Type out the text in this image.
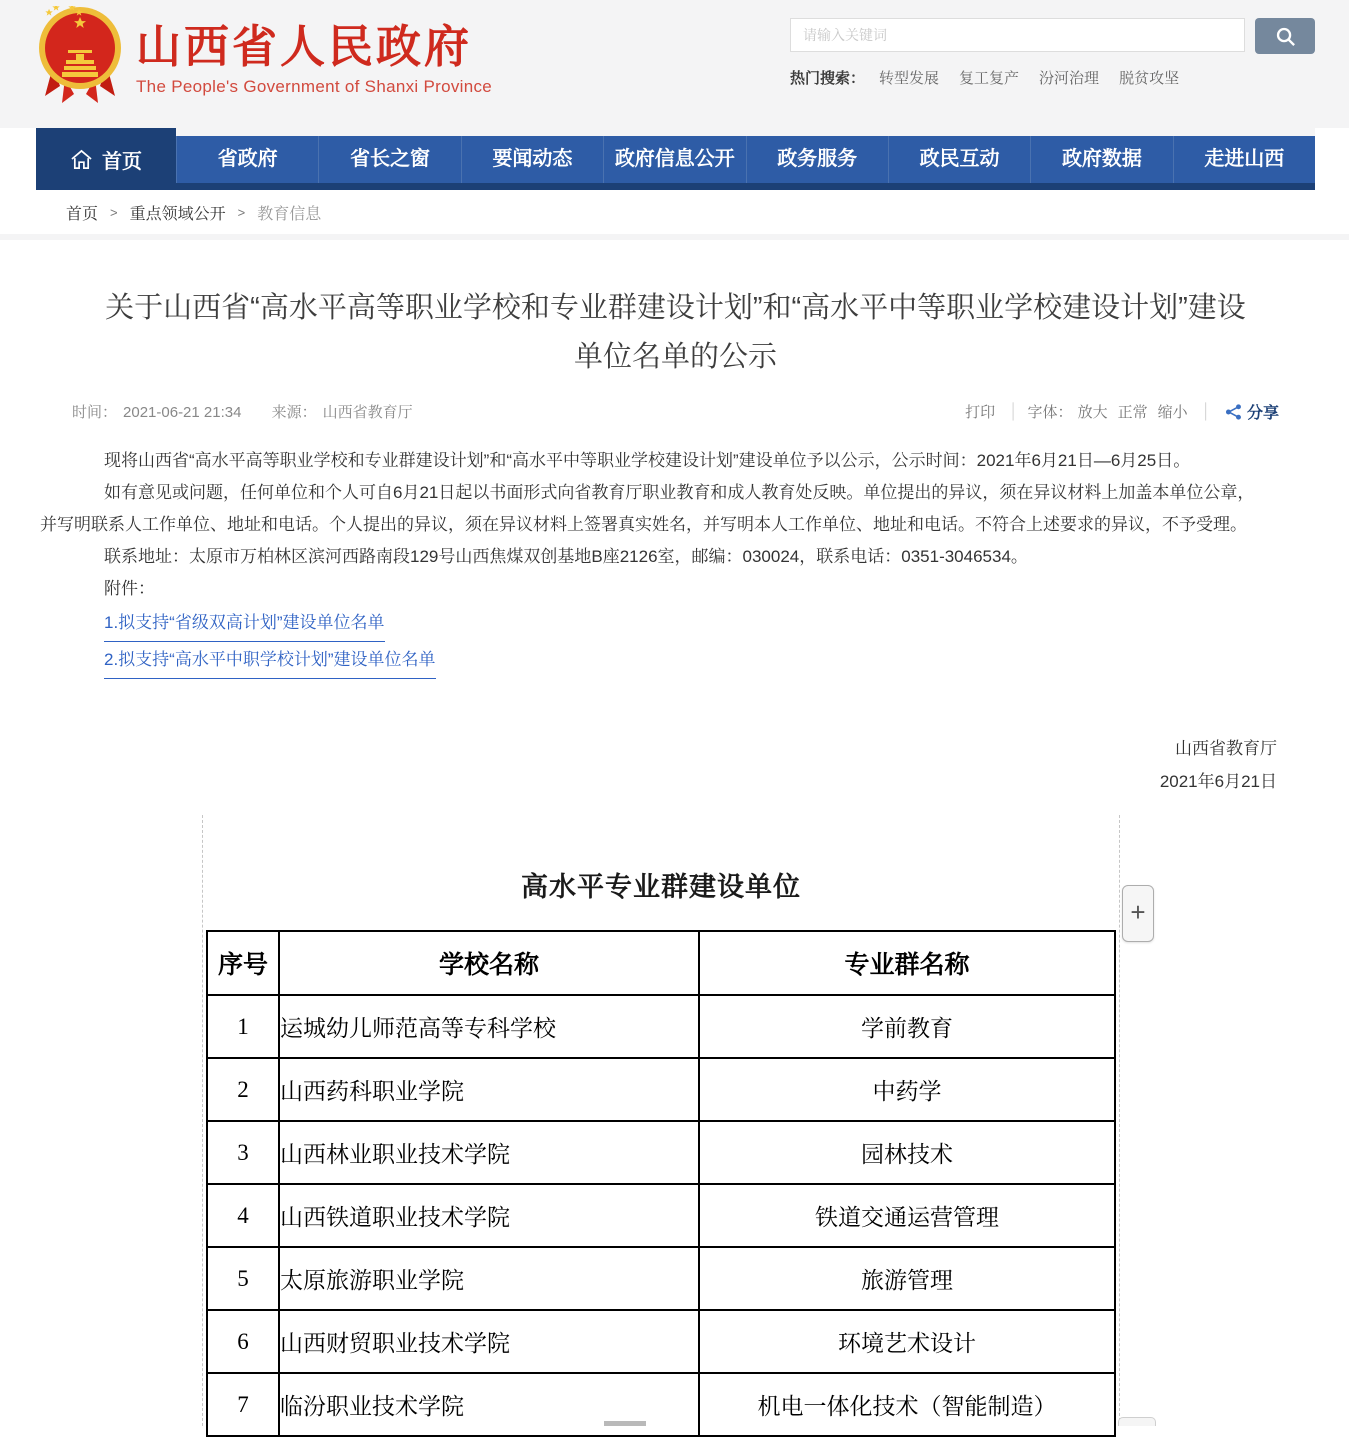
山西省人民政府
The People's Government of Shanxi Province
请输入关键词	热门搜索： 转型发展 复工复产 汾河治理 脱贫攻坚
首页	省政府	省长之窗	要闻动态	政府信息公开	政务服务	政民互动	政府数据	走进山西
首页 > 重点领域公开 > 教育信息
关于山西省“高水平高等职业学校和专业群建设计划”和“高水平中等职业学校建设计划”建设单位名单的公示
时间： 2021-06-21 21:34 来源： 山西省教育厅	打印 │ 字体： 放大 正常 缩小 │ 分享

现将山西省“高水平高等职业学校和专业群建设计划”和“高水平中等职业学校建设计划”建设单位予以公示，公示时间：2021年6月21日—6月25日。

如有意见或问题，任何单位和个人可自6月21日起以书面形式向省教育厅职业教育和成人教育处反映。单位提出的异议，须在异议材料上加盖本单位公章，并写明联系人工作单位、地址和电话。个人提出的异议，须在异议材料上签署真实姓名，并写明本人工作单位、地址和电话。不符合上述要求的异议，不予受理。

联系地址：太原市万柏林区滨河西路南段129号山西焦煤双创基地B座2126室，邮编：030024，联系电话：0351-3046534。

附件：

1.拟支持“省级双高计划”建设单位名单
2.拟支持“高水平中职学校计划”建设单位名单
山西省教育厅
2021年6月21日
高水平专业群建设单位
序号	学校名称	专业群名称
1	运城幼儿师范高等专科学校	学前教育
2	山西药科职业学院	中药学
3	山西林业职业技术学院	园林技术
4	山西铁道职业技术学院	铁道交通运营管理
5	太原旅游职业学院	旅游管理
6	山西财贸职业技术学院	环境艺术设计
7	临汾职业技术学院	机电一体化技术（智能制造）
+
